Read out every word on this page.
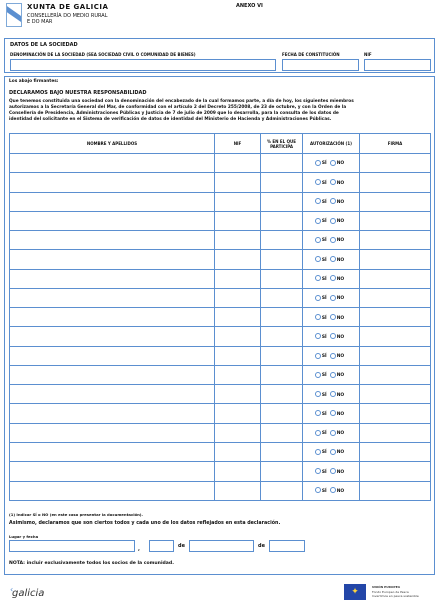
XUNTA DE GALICIA
CONSELLERÍA DO MEDIO RURAL
E DO MAR
ANEXO VI
DATOS DE LA SOCIEDAD
DENOMINACIÓN DE LA SOCIEDAD (SEA SOCIEDAD CIVIL O COMUNIDAD DE BIENES)	FECHA DE CONSTITUCIÓN	NIF
Los abajo firmantes:
DECLARAMOS BAJO NUESTRA RESPONSABILIDAD
Que tenemos constituida una sociedad con la denominación del encabezado de la cual formamos parte, a día de hoy, los siguientes miembros
autorizamos a la Secretaría General del Mar, de conformidad con el artículo 2 del Decreto 255/2008, de 23 de octubre, y con la Orden de la
Consellería de Presidencia, Administraciones Públicas y Justicia de 7 de julio de 2009 que lo desarrolla, para la consulta de los datos de
identidad del solicitante en el Sistema de verificación de datos de identidad del Ministerio de Hacienda y Administraciones Públicas.
NOMBRE Y APELLIDOS	NIF	% EN EL QUE PARTICIPA	AUTORIZACIÓN (1)	FIRMA
			SÍ NO	
			SÍ NO	
			SÍ NO	
			SÍ NO	
			SÍ NO	
			SÍ NO	
			SÍ NO	
			SÍ NO	
			SÍ NO	
			SÍ NO	
			SÍ NO	
			SÍ NO	
			SÍ NO	
			SÍ NO	
			SÍ NO	
			SÍ NO	
			SÍ NO	
			SÍ NO	
(1) Indicar SÍ o NO (en este caso presentar la documentación).
Asimismo, declaramos que son ciertos todos y cada uno de los datos reflejados en esta declaración.
Lugar y fecha
,	de	de
NOTA: incluir exclusivamente todos los socios de la comunidad.
‹
galicia	✦	UNIÓN EUROPEA
Fondo Europeo de Pesca
Invertimos en pesca sostenible
